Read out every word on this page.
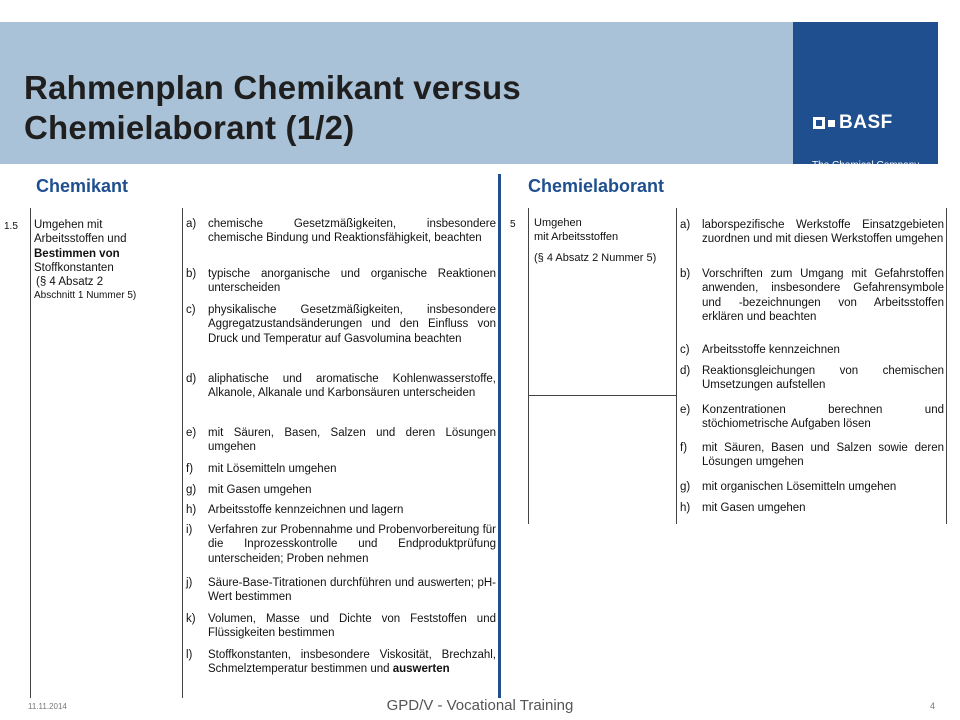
Rahmenplan Chemikant versus
Chemielaborant (1/2)	BASF
The Chemical Company
Chemikant	Chemielaborant
1.5 Umgehen mit
Arbeitsstoffen und
Bestimmen von
Stoffkonstanten
(§ 4 Absatz 2
Abschnitt 1 Nummer 5)
a)	chemische Gesetzmäßigkeiten, insbesondere chemische Bindung und Reaktionsfähigkeit, beachten
b)	typische anorganische und organische Reaktionen unterscheiden
c)	physikalische Gesetzmäßigkeiten, insbesondere Aggregatzustandsänderungen und den Einfluss von Druck und Temperatur auf Gasvolumina beachten
d)	aliphatische und aromatische Kohlenwasserstoffe, Alkanole, Alkanale und Karbonsäuren unterscheiden
e)	mit Säuren, Basen, Salzen und deren Lösungen umgehen
f)	mit Lösemitteln umgehen
g)	mit Gasen umgehen
h)	Arbeitsstoffe kennzeichnen und lagern
i)	Verfahren zur Probennahme und Probenvorbereitung für die Inprozesskontrolle und Endproduktprüfung unterscheiden; Proben nehmen
j)	Säure-Base-Titrationen durchführen und auswerten; pH-Wert bestimmen
k)	Volumen, Masse und Dichte von Feststoffen und Flüssigkeiten bestimmen
l)	Stoffkonstanten, insbesondere Viskosität, Brechzahl, Schmelztemperatur bestimmen und auswerten
5 Umgehen
mit Arbeitsstoffen
(§ 4 Absatz 2 Nummer 5)
a)	laborspezifische Werkstoffe Einsatzgebieten zuordnen und mit diesen Werkstoffen umgehen
b)	Vorschriften zum Umgang mit Gefahrstoffen anwenden, insbesondere Gefahrensymbole und -bezeichnungen von Arbeitsstoffen erklären und beachten
c)	Arbeitsstoffe kennzeichnen
d)	Reaktionsgleichungen von chemischen Umsetzungen aufstellen
e)	Konzentrationen berechnen und stöchiometrische Aufgaben lösen
f)	mit Säuren, Basen und Salzen sowie deren Lösungen umgehen
g)	mit organischen Lösemitteln umgehen
h)	mit Gasen umgehen
11.11.2014	GPD/V - Vocational Training	4
